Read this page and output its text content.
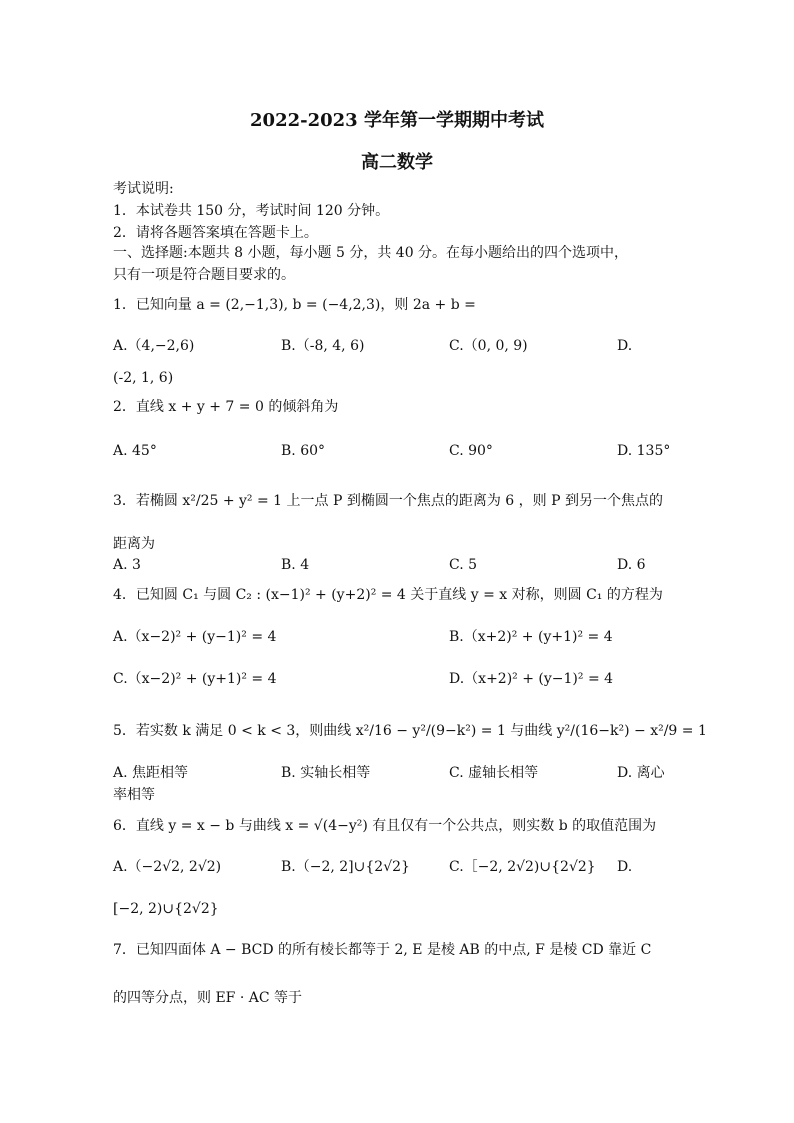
2022-2023 学年第一学期期中考试
高二数学
考试说明:
1．本试卷共 150 分，考试时间 120 分钟。
2．请将各题答案填在答题卡上。
一、选择题:本题共 8 小题，每小题 5 分，共 40 分。在每小题给出的四个选项中，
只有一项是符合题目要求的。
1．已知向量 a = (2,−1,3), b = (−4,2,3)，则 2a + b =
A.（4,−2,6)	B.（-8, 4, 6)	C.（0, 0, 9)	D.
(-2, 1, 6)
2．直线 x + y + 7 = 0 的倾斜角为
A. 45°	B. 60°	C. 90°	D. 135°
3．若椭圆 x²/25 + y² = 1 上一点 P 到椭圆一个焦点的距离为 6 ，则 P 到另一个焦点的
距离为
A. 3	B. 4	C. 5	D. 6
4．已知圆 C₁ 与圆 C₂ : (x−1)² + (y+2)² = 4 关于直线 y = x 对称，则圆 C₁ 的方程为
A.（x−2)² + (y−1)² = 4	B.（x+2)² + (y+1)² = 4
C.（x−2)² + (y+1)² = 4	D.（x+2)² + (y−1)² = 4
5．若实数 k 满足 0 < k < 3，则曲线 x²/16 − y²/(9−k²) = 1 与曲线 y²/(16−k²) − x²/9 = 1
A. 焦距相等	B. 实轴长相等	C. 虚轴长相等	D. 离心
率相等
6．直线 y = x − b 与曲线 x = √(4−y²) 有且仅有一个公共点，则实数 b 的取值范围为
A.（−2√2, 2√2)	B.（−2, 2]∪{2√2}	C.［−2, 2√2)∪{2√2} D.
[−2, 2)∪{2√2}
7．已知四面体 A − BCD 的所有棱长都等于 2, E 是棱 AB 的中点, F 是棱 CD 靠近 C
的四等分点，则 EF · AC 等于
